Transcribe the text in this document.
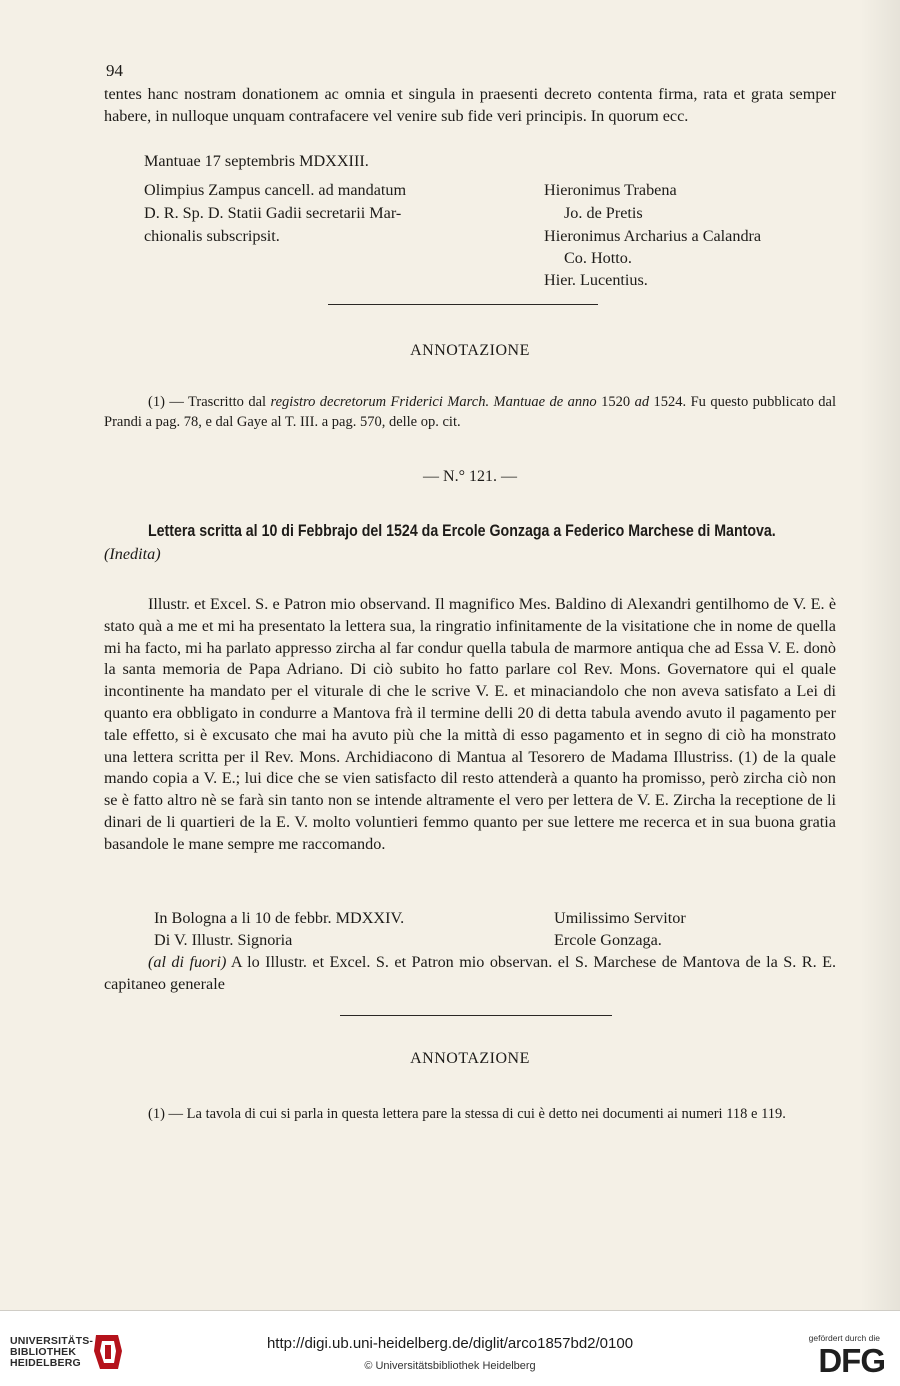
94
tentes hanc nostram donationem ac omnia et singula in praesenti decreto contenta firma, rata et grata semper habere, in nulloque unquam contrafacere vel venire sub fide veri principis. In quorum ecc.
Mantuae 17 septembris MDXXIII.
Olimpius Zampus cancell. ad mandatum
D. R. Sp. D. Statii Gadii secretarii Mar-
chionalis subscripsit.
Hieronimus Trabena
Jo. de Pretis
Hieronimus Archarius a Calandra
Co. Hotto.
Hier. Lucentius.
ANNOTAZIONE
(1) — Trascritto dal registro decretorum Friderici March. Mantuae de anno 1520 ad 1524. Fu questo pubblicato dal Prandi a pag. 78, e dal Gaye al T. III. a pag. 570, delle op. cit.
— N.° 121. —
Lettera scritta al 10 di Febbrajo del 1524 da Ercole Gonzaga a Federico Marchese di Mantova.
(Inedita)
Illustr. et Excel. S. e Patron mio observand. Il magnifico Mes. Baldino di Alexandri gentilhomo de V. E. è stato quà a me et mi ha presentato la lettera sua, la ringratio infinitamente de la visitatione che in nome de quella mi ha facto, mi ha parlato appresso zircha al far condur quella tabula de marmore antiqua che ad Essa V. E. donò la santa memoria de Papa Adriano. Di ciò subito ho fatto parlare col Rev. Mons. Governatore qui el quale incontinente ha mandato per el viturale di che le scrive V. E. et minaciandolo che non aveva satisfato a Lei di quanto era obbligato in condurre a Mantova frà il termine delli 20 di detta tabula avendo avuto il pagamento per tale effetto, si è excusato che mai ha avuto più che la mittà di esso pagamento et in segno di ciò ha monstrato una lettera scritta per il Rev. Mons. Archidiacono di Mantua al Tesorero de Madama Illustriss. (1) de la quale mando copia a V. E.; lui dice che se vien satisfacto dil resto attenderà a quanto ha promisso, però zircha ciò non se è fatto altro nè se farà sin tanto non se intende altramente el vero per lettera de V. E. Zircha la receptione de li dinari de li quartieri de la E. V. molto voluntieri femmo quanto per sue lettere me recerca et in sua buona gratia basandole le mane sempre me raccomando.
In Bologna a li 10 de febbr. MDXXIV.
Di V. Illustr. Signoria
Umilissimo Servitor
Ercole Gonzaga.
(al di fuori) A lo Illustr. et Excel. S. et Patron mio observan. el S. Marchese de Mantova de la S. R. E. capitaneo generale
ANNOTAZIONE
(1) — La tavola di cui si parla in questa lettera pare la stessa di cui è detto nei documenti ai numeri 118 e 119.
UNIVERSITÄTS-
BIBLIOTHEK
HEIDELBERG
http://digi.ub.uni-heidelberg.de/diglit/arco1857bd2/0100
© Universitätsbibliothek Heidelberg
gefördert durch die
DFG
